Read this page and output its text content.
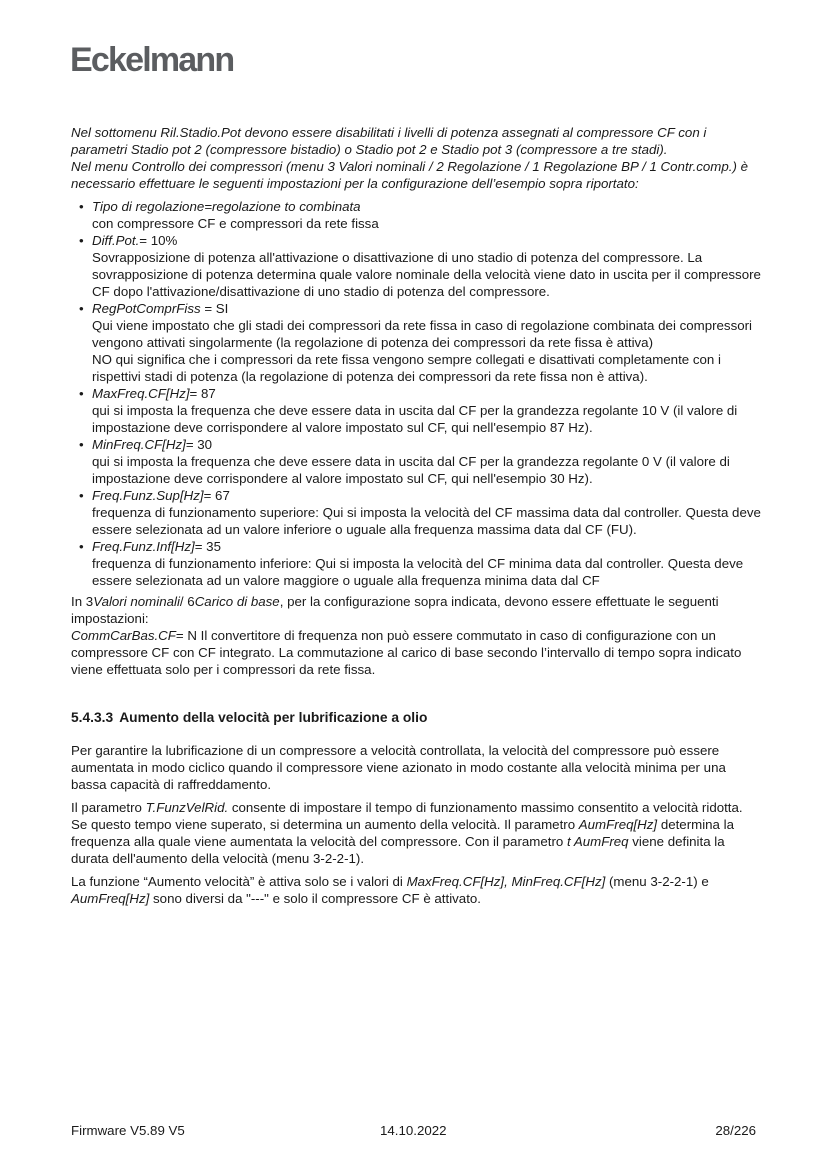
Eckelmann

Nel sottomenu Ril.Stadio.Pot devono essere disabilitati i livelli di potenza assegnati al compressore CF con i parametri Stadio pot 2 (compressore bistadio) o Stadio pot 2 e Stadio pot 3 (compressore a tre stadi).

Nel menu Controllo dei compressori (menu 3 Valori nominali / 2 Regolazione / 1 Regolazione BP / 1 Contr.comp.) è necessario effettuare le seguenti impostazioni per la configurazione dell’esempio sopra riportato:

• Tipo di regolazione=regolazione to combinata
con compressore CF e compressori da rete fissa
• Diff.Pot.= 10%
Sovrapposizione di potenza all'attivazione o disattivazione di uno stadio di potenza del compressore. La sovrapposizione di potenza determina quale valore nominale della velocità viene dato in uscita per il compressore CF dopo l'attivazione/disattivazione di uno stadio di potenza del compressore.
• RegPotComprFiss = SI
Qui viene impostato che gli stadi dei compressori da rete fissa in caso di regolazione combinata dei compressori vengono attivati singolarmente (la regolazione di potenza dei compressori da rete fissa è attiva)
NO qui significa che i compressori da rete fissa vengono sempre collegati e disattivati completamente con i rispettivi stadi di potenza (la regolazione di potenza dei compressori da rete fissa non è attiva).
• MaxFreq.CF[Hz]= 87
qui si imposta la frequenza che deve essere data in uscita dal CF per la grandezza regolante 10 V (il valore di impostazione deve corrispondere al valore impostato sul CF, qui nell'esempio 87 Hz).
• MinFreq.CF[Hz]= 30
qui si imposta la frequenza che deve essere data in uscita dal CF per la grandezza regolante 0 V (il valore di impostazione deve corrispondere al valore impostato sul CF, qui nell'esempio 30 Hz).
• Freq.Funz.Sup[Hz]= 67
frequenza di funzionamento superiore: Qui si imposta la velocità del CF massima data dal controller. Questa deve essere selezionata ad un valore inferiore o uguale alla frequenza massima data dal CF (FU).
• Freq.Funz.Inf[Hz]= 35
frequenza di funzionamento inferiore: Qui si imposta la velocità del CF minima data dal controller. Questa deve essere selezionata ad un valore maggiore o uguale alla frequenza minima data dal CF

In 3Valori nominali/ 6Carico di base, per la configurazione sopra indicata, devono essere effettuate le seguenti impostazioni:

CommCarBas.CF= N Il convertitore di frequenza non può essere commutato in caso di configurazione con un compressore CF con CF integrato. La commutazione al carico di base secondo l’intervallo di tempo sopra indicato viene effettuata solo per i compressori da rete fissa.

5.4.3.3 Aumento della velocità per lubrificazione a olio

Per garantire la lubrificazione di un compressore a velocità controllata, la velocità del compressore può essere aumentata in modo ciclico quando il compressore viene azionato in modo costante alla velocità minima per una bassa capacità di raffreddamento.

Il parametro T.FunzVelRid. consente di impostare il tempo di funzionamento massimo consentito a velocità ridotta. Se questo tempo viene superato, si determina un aumento della velocità. Il parametro AumFreq[Hz] determina la frequenza alla quale viene aumentata la velocità del compressore. Con il parametro t AumFreq viene definita la durata dell'aumento della velocità (menu 3-2-2-1).

La funzione “Aumento velocità” è attiva solo se i valori di MaxFreq.CF[Hz], MinFreq.CF[Hz] (menu 3-2-2-1) e AumFreq[Hz] sono diversi da "---" e solo il compressore CF è attivato.

Firmware V5.89 V5	14.10.2022	28/226
